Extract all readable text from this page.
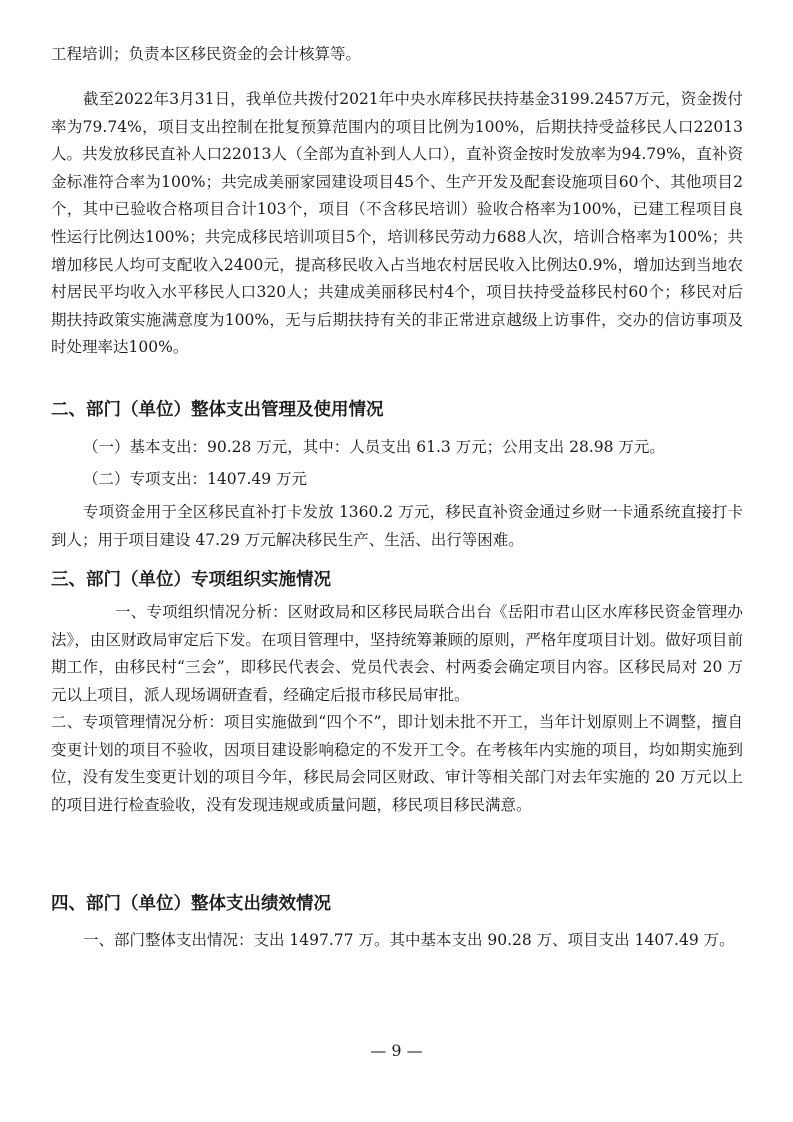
工程培训；负责本区移民资金的会计核算等。

截至2022年3月31日，我单位共拨付2021年中央水库移民扶持基金3199.2457万元，资金拨付率为79.74%，项目支出控制在批复预算范围内的项目比例为100%，后期扶持受益移民人口22013人。共发放移民直补人口22013人（全部为直补到人人口），直补资金按时发放率为94.79%，直补资金标准符合率为100%；共完成美丽家园建设项目45个、生产开发及配套设施项目60个、其他项目2个，其中已验收合格项目合计103个，项目（不含移民培训）验收合格率为100%，已建工程项目良性运行比例达100%；共完成移民培训项目5个，培训移民劳动力688人次，培训合格率为100%；共增加移民人均可支配收入2400元，提高移民收入占当地农村居民收入比例达0.9%，增加达到当地农村居民平均收入水平移民人口320人；共建成美丽移民村4个，项目扶持受益移民村60个；移民对后期扶持政策实施满意度为100%，无与后期扶持有关的非正常进京越级上访事件，交办的信访事项及时处理率达100%。

二、部门（单位）整体支出管理及使用情况

（一）基本支出：90.28 万元，其中：人员支出 61.3 万元；公用支出 28.98 万元。

（二）专项支出：1407.49 万元

专项资金用于全区移民直补打卡发放 1360.2 万元，移民直补资金通过乡财一卡通系统直接打卡到人；用于项目建设 47.29 万元解决移民生产、生活、出行等困难。

三、部门（单位）专项组织实施情况

一、专项组织情况分析：区财政局和区移民局联合出台《岳阳市君山区水库移民资金管理办法》，由区财政局审定后下发。在项目管理中，坚持统筹兼顾的原则，严格年度项目计划。做好项目前期工作，由移民村“三会”，即移民代表会、党员代表会、村两委会确定项目内容。区移民局对 20 万元以上项目，派人现场调研查看，经确定后报市移民局审批。

二、专项管理情况分析：项目实施做到“四个不”，即计划未批不开工，当年计划原则上不调整，擅自变更计划的项目不验收，因项目建设影响稳定的不发开工令。在考核年内实施的项目，均如期实施到位，没有发生变更计划的项目今年，移民局会同区财政、审计等相关部门对去年实施的 20 万元以上的项目进行检查验收，没有发现违规或质量问题，移民项目移民满意。

四、部门（单位）整体支出绩效情况

一、部门整体支出情况：支出 1497.77 万。其中基本支出 90.28 万、项目支出 1407.49 万。

— 9 —
